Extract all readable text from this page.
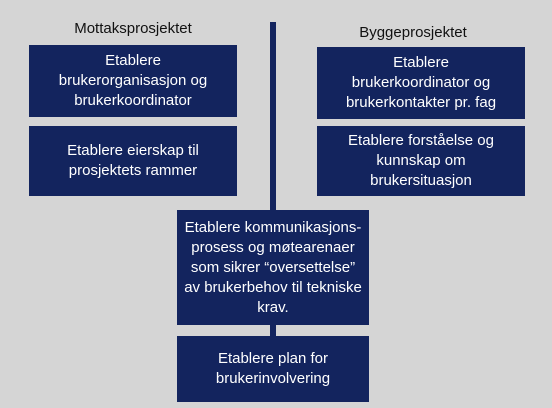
Mottaksprosjektet	Byggeprosjektet
Etablere
brukerorganisasjon og
brukerkoordinator
Etablere eierskap til
prosjektets rammer
Etablere
brukerkoordinator og
brukerkontakter pr. fag
Etablere forståelse og
kunnskap om
brukersituasjon
Etablere kommunikasjons-
prosess og møtearenaer
som sikrer “oversettelse”
av brukerbehov til tekniske
krav.
Etablere plan for
brukerinvolvering
